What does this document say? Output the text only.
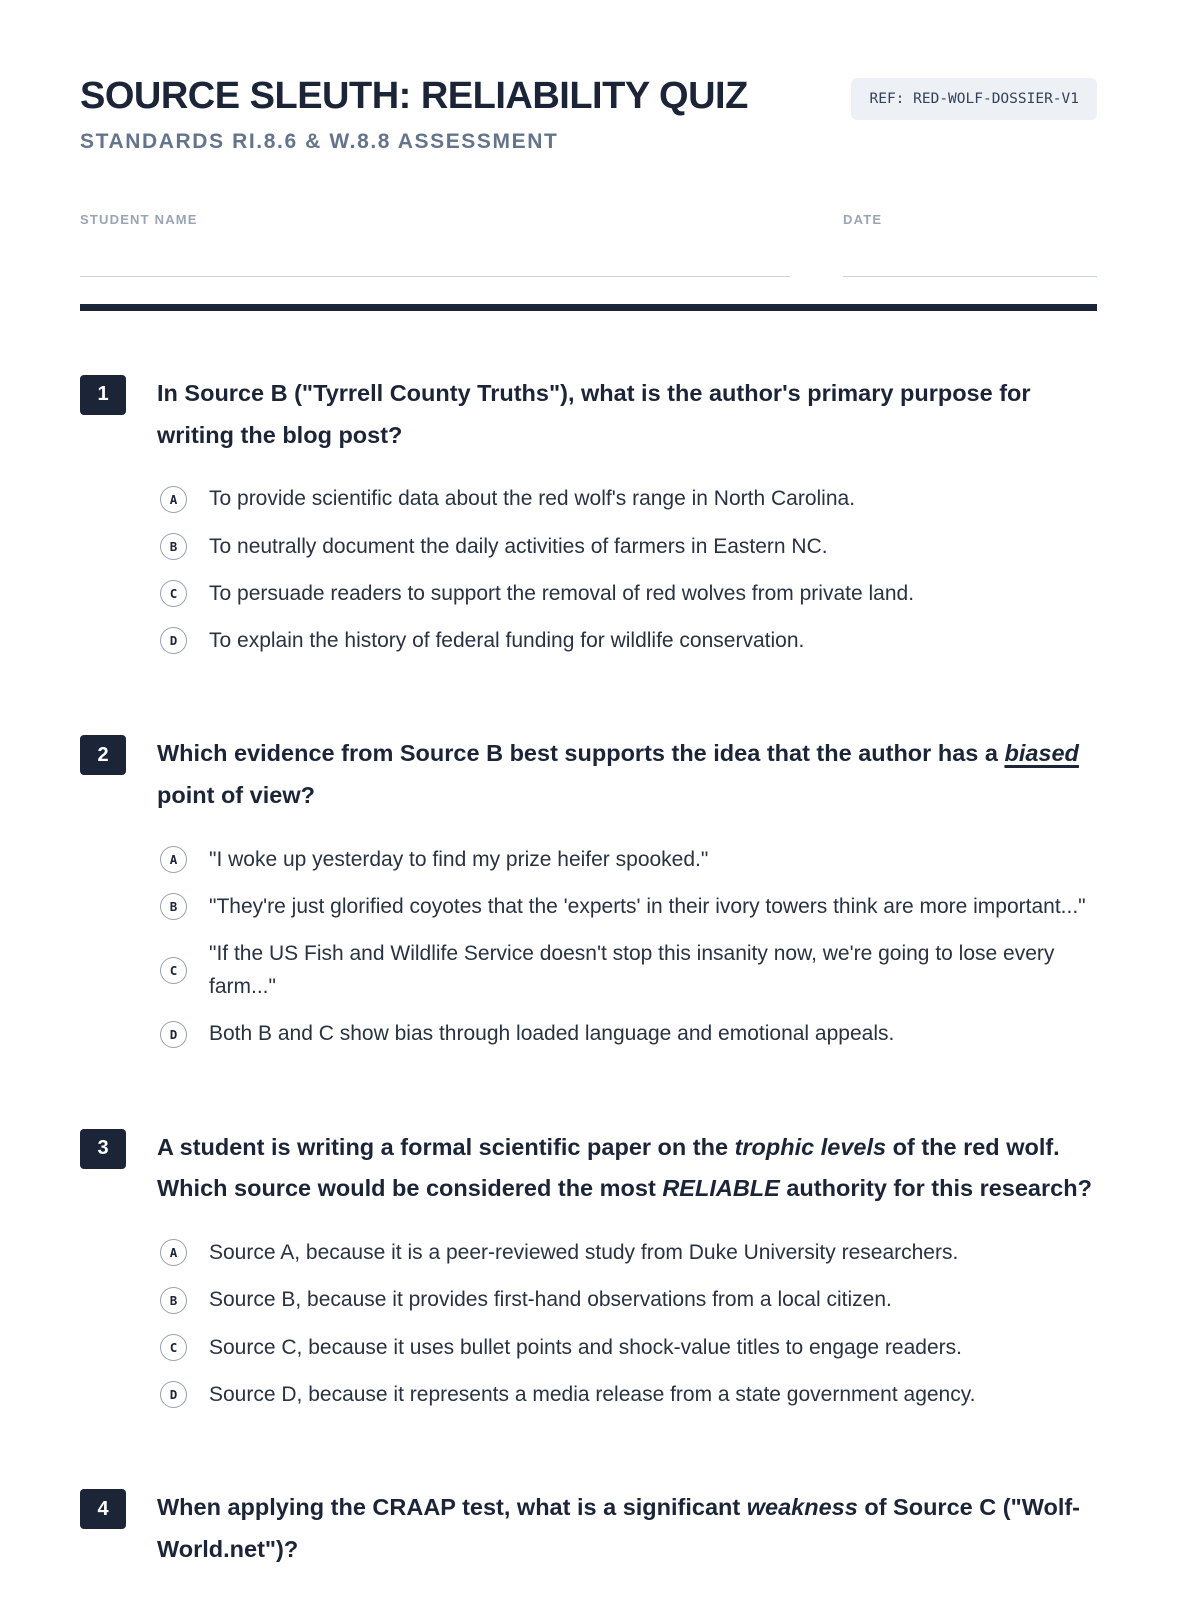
SOURCE SLEUTH: RELIABILITY QUIZ
STANDARDS RI.8.6 & W.8.8 ASSESSMENT
REF: RED-WOLF-DOSSIER-V1
STUDENT NAME	DATE
1	In Source B ("Tyrrell County Truths"), what is the author's primary purpose for writing the blog post?
A	To provide scientific data about the red wolf's range in North Carolina.
B	To neutrally document the daily activities of farmers in Eastern NC.
C	To persuade readers to support the removal of red wolves from private land.
D	To explain the history of federal funding for wildlife conservation.
2	Which evidence from Source B best supports the idea that the author has a biased point of view?
A	"I woke up yesterday to find my prize heifer spooked."
B	"They're just glorified coyotes that the 'experts' in their ivory towers think are more important..."
C
"If the US Fish and Wildlife Service doesn't stop this insanity now, we're going to lose every farm..."
D	Both B and C show bias through loaded language and emotional appeals.
3	A student is writing a formal scientific paper on the trophic levels of the red wolf. Which source would be considered the most RELIABLE authority for this research?
A	Source A, because it is a peer-reviewed study from Duke University researchers.
B	Source B, because it provides first-hand observations from a local citizen.
C	Source C, because it uses bullet points and shock-value titles to engage readers.
D	Source D, because it represents a media release from a state government agency.
4	When applying the CRAAP test, what is a significant weakness of Source C ("Wolf-World.net")?
